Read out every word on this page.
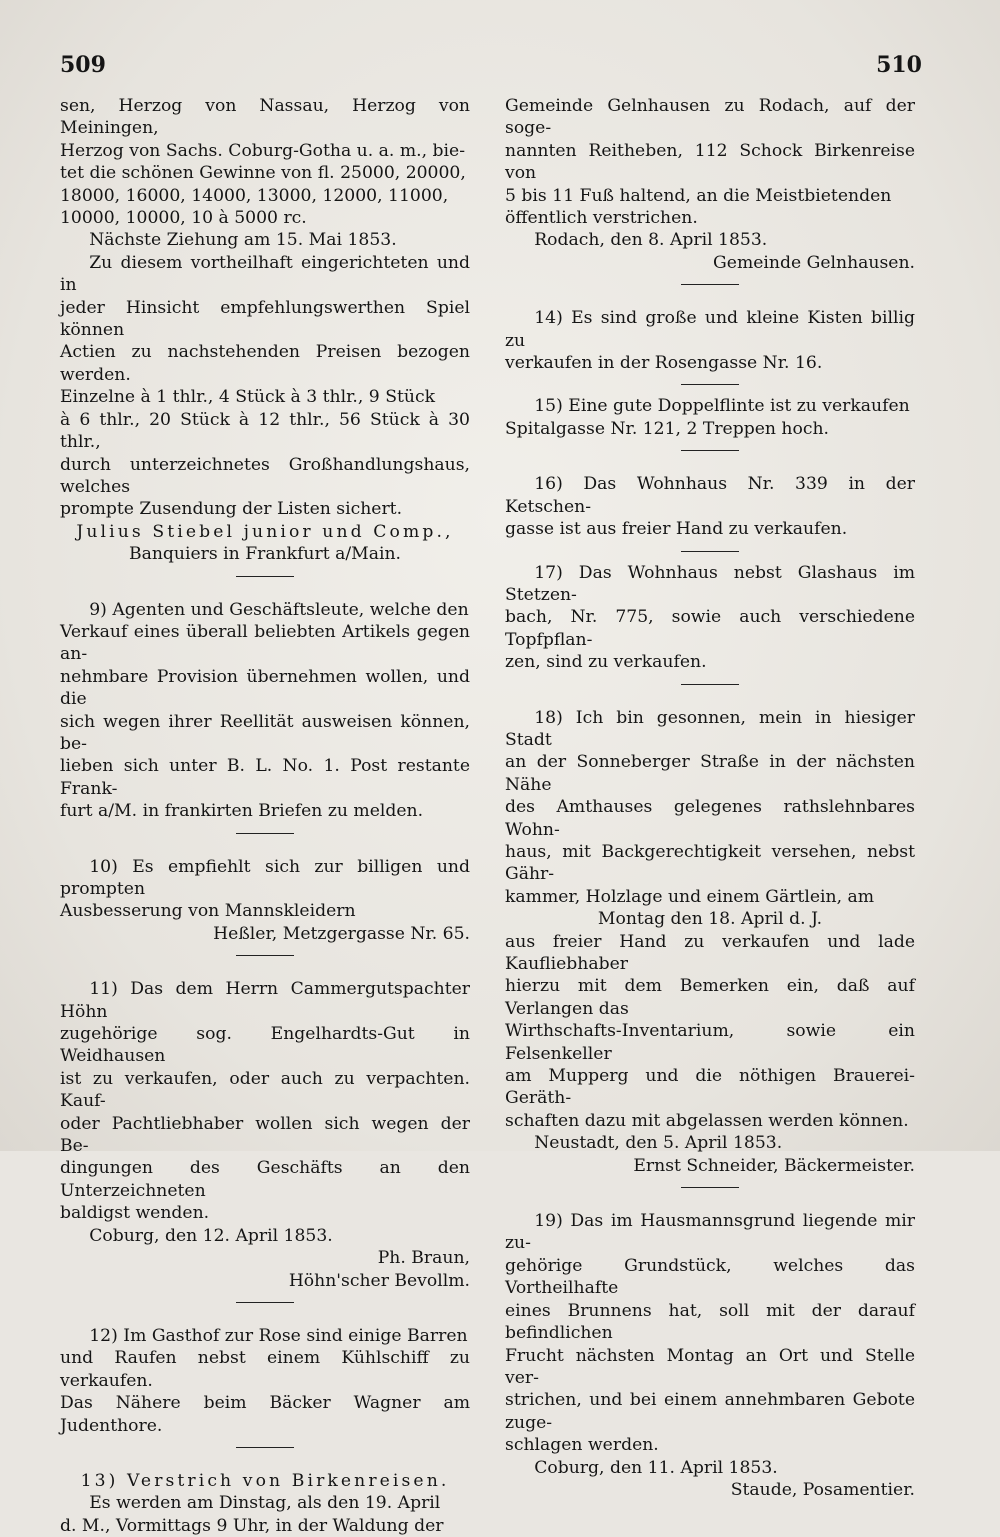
509	510

sen, Herzog von Nassau, Herzog von Meiningen,

Herzog von Sachs. Coburg-Gotha u. a. m., bie-

tet die schönen Gewinne von fl. 25000, 20000,

18000, 16000, 14000, 13000, 12000, 11000,

10000, 10000, 10 à 5000 rc.

Nächste Ziehung am 15. Mai 1853.

Zu diesem vortheilhaft eingerichteten und in

jeder Hinsicht empfehlungswerthen Spiel können

Actien zu nachstehenden Preisen bezogen werden.

Einzelne à 1 thlr., 4 Stück à 3 thlr., 9 Stück

à 6 thlr., 20 Stück à 12 thlr., 56 Stück à 30 thlr.,

durch unterzeichnetes Großhandlungshaus, welches

prompte Zusendung der Listen sichert.

Julius Stiebel junior und Comp.,

Banquiers in Frankfurt a/Main.

9) Agenten und Geschäftsleute, welche den

Verkauf eines überall beliebten Artikels gegen an-

nehmbare Provision übernehmen wollen, und die

sich wegen ihrer Reellität ausweisen können, be-

lieben sich unter B. L. No. 1. Post restante Frank-

furt a/M. in frankirten Briefen zu melden.

10) Es empfiehlt sich zur billigen und prompten

Ausbesserung von Mannskleidern

Heßler, Metzgergasse Nr. 65.

11) Das dem Herrn Cammergutspachter Höhn

zugehörige sog. Engelhardts-Gut in Weidhausen

ist zu verkaufen, oder auch zu verpachten. Kauf-

oder Pachtliebhaber wollen sich wegen der Be-

dingungen des Geschäfts an den Unterzeichneten

baldigst wenden.

Coburg, den 12. April 1853.

Ph. Braun,

Höhn'scher Bevollm.

12) Im Gasthof zur Rose sind einige Barren

und Raufen nebst einem Kühlschiff zu verkaufen.

Das Nähere beim Bäcker Wagner am Judenthore.

13) Verstrich von Birkenreisen.

Es werden am Dinstag, als den 19. April

d. M., Vormittags 9 Uhr, in der Waldung der

Gemeinde Gelnhausen zu Rodach, auf der soge-

nannten Reitheben, 112 Schock Birkenreise von

5 bis 11 Fuß haltend, an die Meistbietenden

öffentlich verstrichen.

Rodach, den 8. April 1853.

Gemeinde Gelnhausen.

14) Es sind große und kleine Kisten billig zu

verkaufen in der Rosengasse Nr. 16.

15) Eine gute Doppelflinte ist zu verkaufen

Spitalgasse Nr. 121, 2 Treppen hoch.

16) Das Wohnhaus Nr. 339 in der Ketschen-

gasse ist aus freier Hand zu verkaufen.

17) Das Wohnhaus nebst Glashaus im Stetzen-

bach, Nr. 775, sowie auch verschiedene Topfpflan-

zen, sind zu verkaufen.

18) Ich bin gesonnen, mein in hiesiger Stadt

an der Sonneberger Straße in der nächsten Nähe

des Amthauses gelegenes rathslehnbares Wohn-

haus, mit Backgerechtigkeit versehen, nebst Gähr-

kammer, Holzlage und einem Gärtlein, am

Montag den 18. April d. J.

aus freier Hand zu verkaufen und lade Kaufliebhaber

hierzu mit dem Bemerken ein, daß auf Verlangen das

Wirthschafts-Inventarium, sowie ein Felsenkeller

am Mupperg und die nöthigen Brauerei-Geräth-

schaften dazu mit abgelassen werden können.

Neustadt, den 5. April 1853.

Ernst Schneider, Bäckermeister.

19) Das im Hausmannsgrund liegende mir zu-

gehörige Grundstück, welches das Vortheilhafte

eines Brunnens hat, soll mit der darauf befindlichen

Frucht nächsten Montag an Ort und Stelle ver-

strichen, und bei einem annehmbaren Gebote zuge-

schlagen werden.

Coburg, den 11. April 1853.

Staude, Posamentier.
